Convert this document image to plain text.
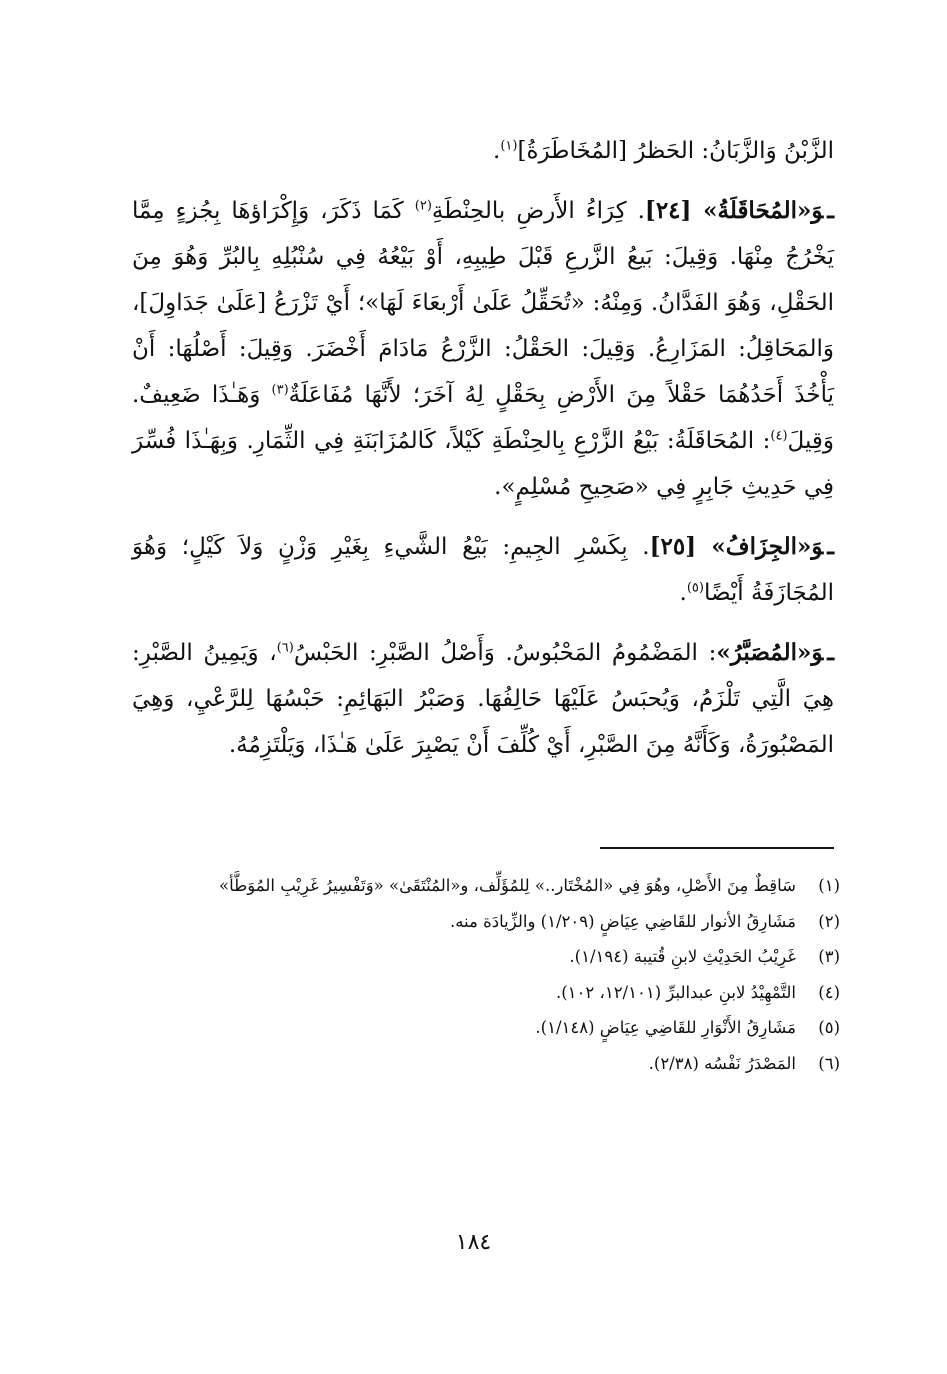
الزَّبْنُ وَالزَّبَانُ: الحَظرُ [المُخَاطَرَةُ]$^{(١)}$.

ـوَ«المُحَاقَلَةُ» [٢٤]. كِرَاءُ الأَرضِ بالحِنْطَةِ$^{(٢)}$ كَمَا ذَكَرَ، وَإِكْرَاؤهَا بِجُزءٍ مِمَّا يَخْرُجُ مِنْهَا. وَقِيلَ: بَيعُ الزَّرعِ قَبْلَ طِيبِهِ، أَوْ بَيْعُهُ فِي سُنْبُلِهِ بِالبُرِّ وَهُوَ مِنَ الحَقْلِ، وَهُوَ الفَدَّانُ. وَمِنْهُ: «تُحَقِّلُ عَلَىٰ أَرْبعَاءَ لَهَا»؛ أَيْ تَزْرَعُ [عَلَىٰ جَدَاوِلَ]، وَالمَحَاقِلُ: المَزَارِعُ. وَقِيلَ: الحَقْلُ: الزَّرْعُ مَادَامَ أَخْضَرَ. وَقِيلَ: أَصْلُهَا: أَنْ يَأْخُذَ أَحَدُهُمَا حَقْلاً مِنَ الأَرْضِ بِحَقْلٍ لِهُ آخَرَ؛ لأَنَّهَا مُفَاعَلَةٌ$^{(٣)}$ وَهَـٰذَا ضَعِيفٌ. وَقِيلَ$^{(٤)}$: المُحَاقَلَةُ: بَيْعُ الزَّرْعِ بِالحِنْطَةِ كَيْلاً، كَالمُزَابَنَةِ فِي الثِّمَارِ. وَبِهَـٰذَا فُسِّرَ فِي حَدِيثِ جَابِرٍ فِي «صَحِيحِ مُسْلِمٍ».

ـوَ«الجِزَافُ» [٢٥]. بِكَسْرِ الجِيمِ: بَيْعُ الشَّيءِ بِغَيْرِ وَزْنٍ وَلاَ كَيْلٍ؛ وَهُوَ المُجَازَفَةُ أَيْضًا$^{(٥)}$.

ـوَ«المُصَبَّرُ»: المَضْمُومُ المَحْبُوسُ. وَأَصْلُ الصَّبْرِ: الحَبْسُ$^{(٦)}$، وَيَمِينُ الصَّبْرِ: هِيَ الَّتِي تَلْزَمُ، وَيُحبَسُ عَلَيْهَا حَالِفُهَا. وَصَبْرُ البَهَائِمِ: حَبْسُهَا لِلرَّعْيِ، وَهِيَ المَصْبُورَةُ، وَكَأَنَّهُ مِنَ الصَّبْرِ، أَيْ كُلِّفَ أَنْ يَصْبِرَ عَلَىٰ هَـٰذَا، وَيَلْتَزِمُهُ.

(١)
سَاقِطٌ مِنَ الأَصْلِ، وهُوَ فِي «المُخْتَار..» لِلمُؤَلِّف، و«المُنْتَقَىٰ» «وَتَفْسِيرُ غَرِيْبِ المُوَطَّأ»
(٢)
مَشَارِقُ الأنوار للقَاضِي عِيَاضٍ (١/٢٠٩) والزِّيادَة منه.
(٣)
غَرِيْبُ الحَدِيْثِ لابنِ قُتيبة (١/١٩٤).
(٤)
التَّمْهِيْدُ لابنِ عبدالبرِّ (١٢/١٠١، ١٠٢).
(٥)
مَشَارِقُ الأَنْوَارِ للقَاضِي عِيَاضٍ (١/١٤٨).
(٦)
المَصْدَرُ نَفْسُه (٢/٣٨).
١٨٤
